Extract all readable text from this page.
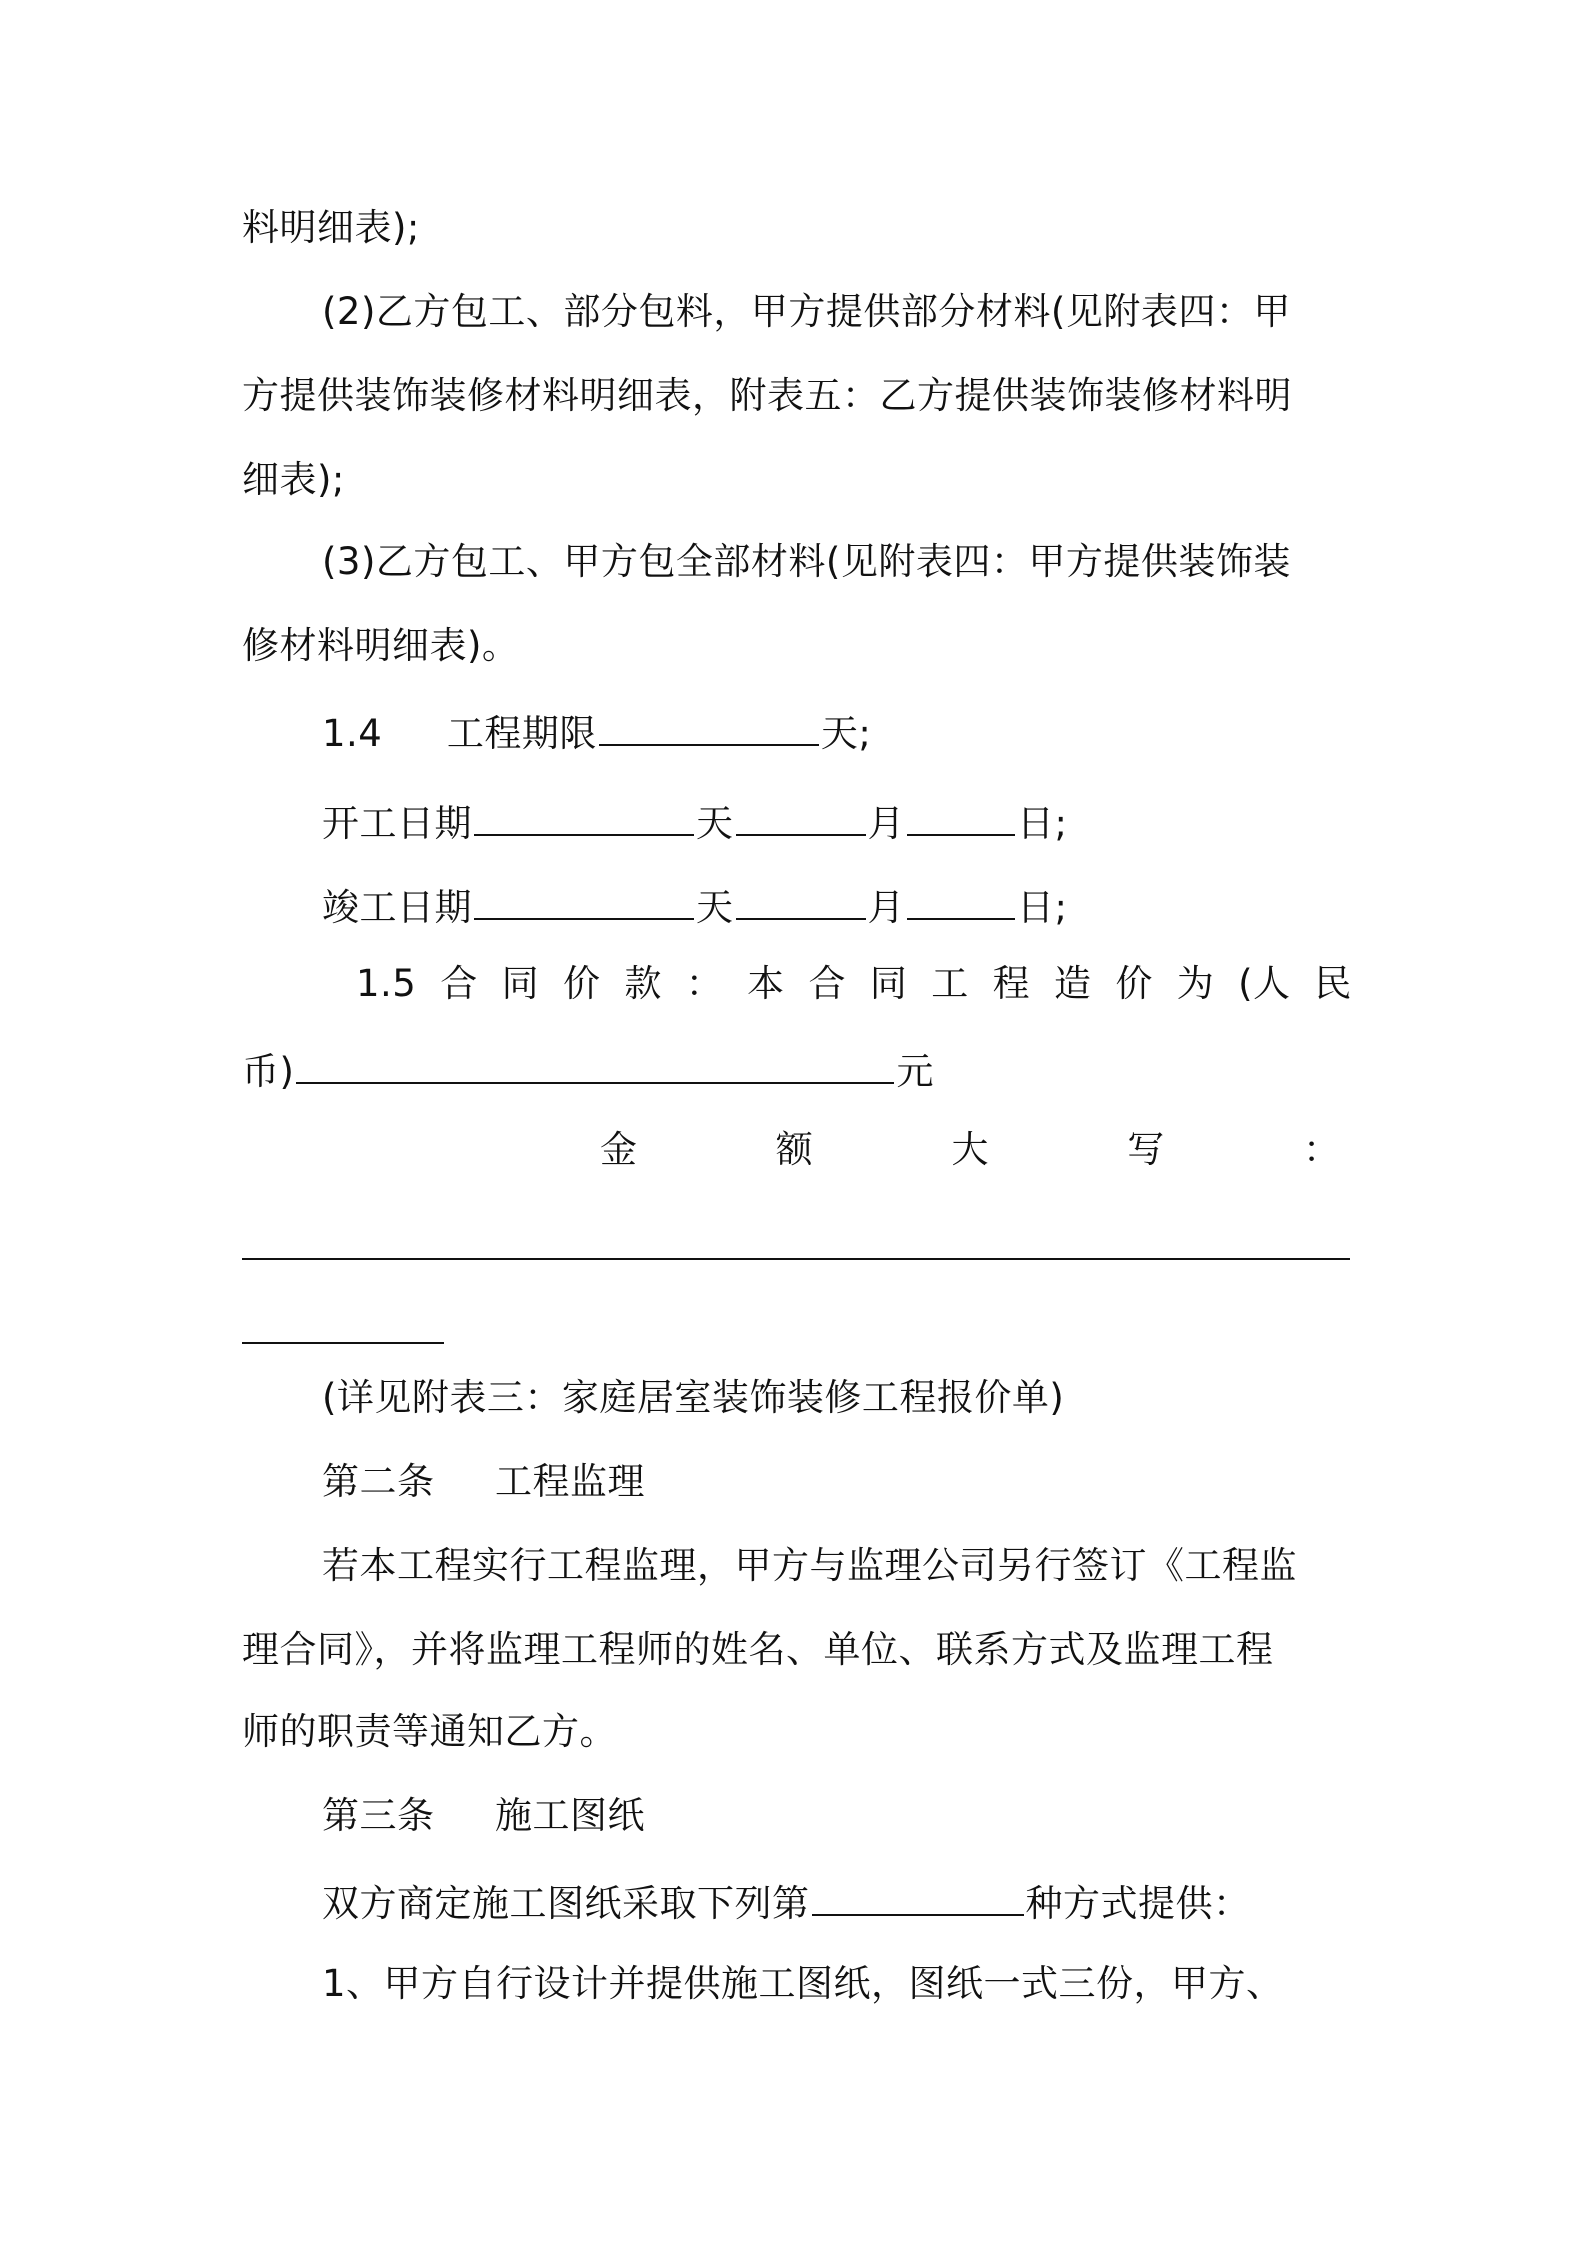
料明细表);
(2)乙方包工、部分包料，甲方提供部分材料(见附表四：甲
方提供装饰装修材料明细表，附表五：乙方提供装饰装修材料明
细表);
(3)乙方包工、甲方包全部材料(见附表四：甲方提供装饰装
修材料明细表)。
1.4 工程期限	天;
开工日期	天	月	日;
竣工日期	天	月	日;
1.5 合 同 价 款 ： 本 合 同 工 程 造 价 为 (人 民
币)	元
金	额	大	写	：
(详见附表三：家庭居室装饰装修工程报价单)
第二条 工程监理
若本工程实行工程监理，甲方与监理公司另行签订《工程监
理合同》，并将监理工程师的姓名、单位、联系方式及监理工程
师的职责等通知乙方。
第三条 施工图纸
双方商定施工图纸采取下列第	种方式提供：
1、甲方自行设计并提供施工图纸，图纸一式三份，甲方、
